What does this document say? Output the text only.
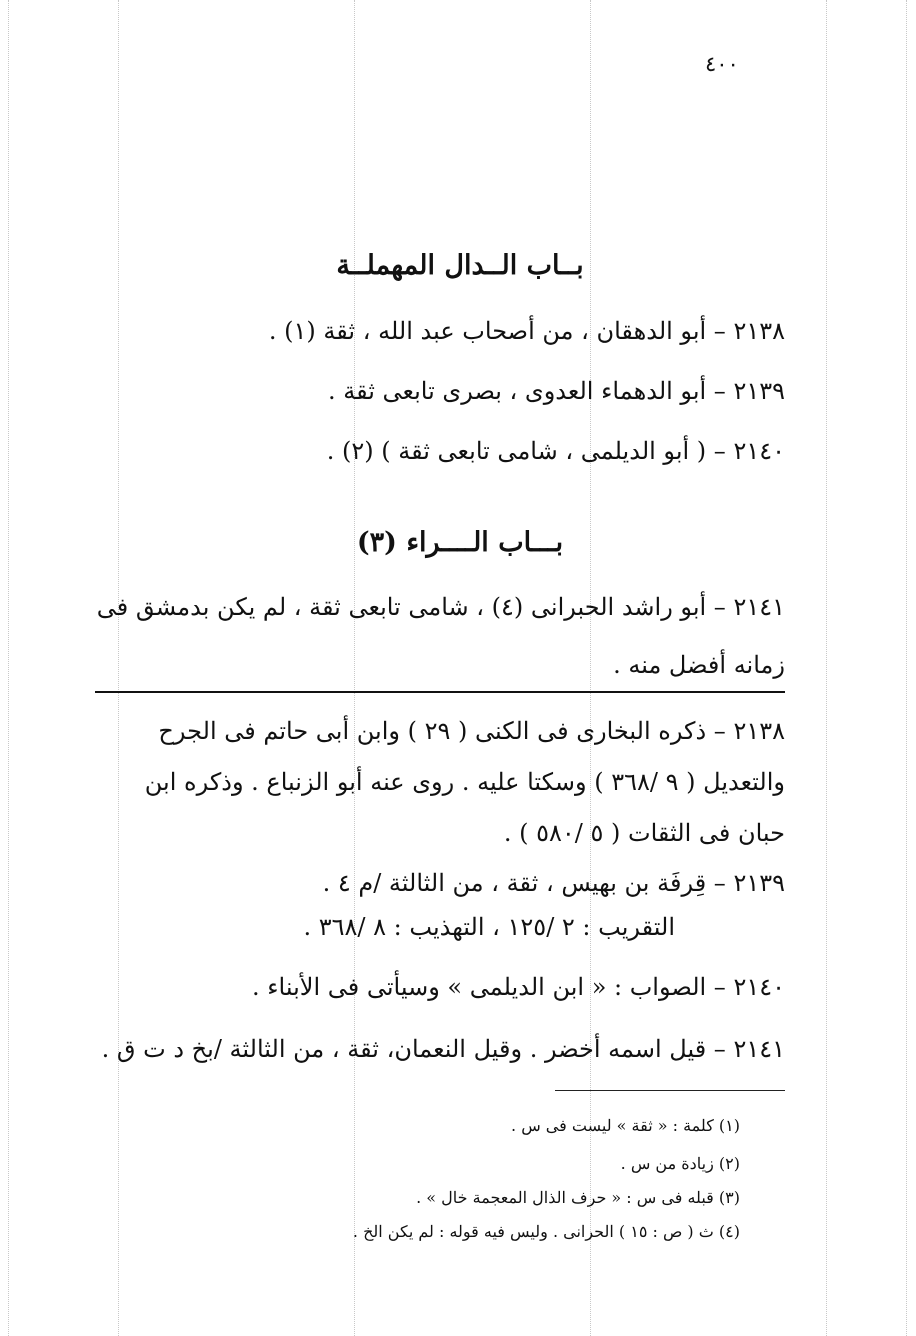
٤٠٠
بــاب الــدال المهملــة
٢١٣٨ – أبو الدهقان ، من أصحاب عبد الله ، ثقة (١) .
٢١٣٩ – أبو الدهماء العدوى ، بصرى تابعى ثقة .
٢١٤٠ – ( أبو الديلمى ، شامى تابعى ثقة ) (٢) .
بـــاب الــــراء (٣)
٢١٤١ – أبو راشد الحبرانى (٤) ، شامى تابعى ثقة ، لم يكن بدمشق فى زمانه أفضل منه .
٢١٣٨ – ذكره البخارى فى الكنى ( ٢٩ ) وابن أبى حاتم فى الجرح والتعديل ( ٩ /٣٦٨ ) وسكتا عليه . روى عنه أبو الزنباع . وذكره ابن حبان فى الثقات ( ٥ /٥٨٠ ) .
٢١٣٩ – قِرفَة بن بهيس ، ثقة ، من الثالثة /م ٤ .
التقريب : ٢ /١٢٥ ، التهذيب : ٨ /٣٦٨ .
٢١٤٠ – الصواب : « ابن الديلمى » وسيأتى فى الأبناء .
٢١٤١ – قيل اسمه أخضر . وقيل النعمان، ثقة ، من الثالثة /بخ د ت ق .
(١) كلمة : « ثقة » ليست فى س .
(٢) زيادة من س .
(٣) قبله فى س : « حرف الذال المعجمة خال » .
(٤) ث ( ص : ١٥ ) الحرانى . وليس فيه قوله : لم يكن الخ .
